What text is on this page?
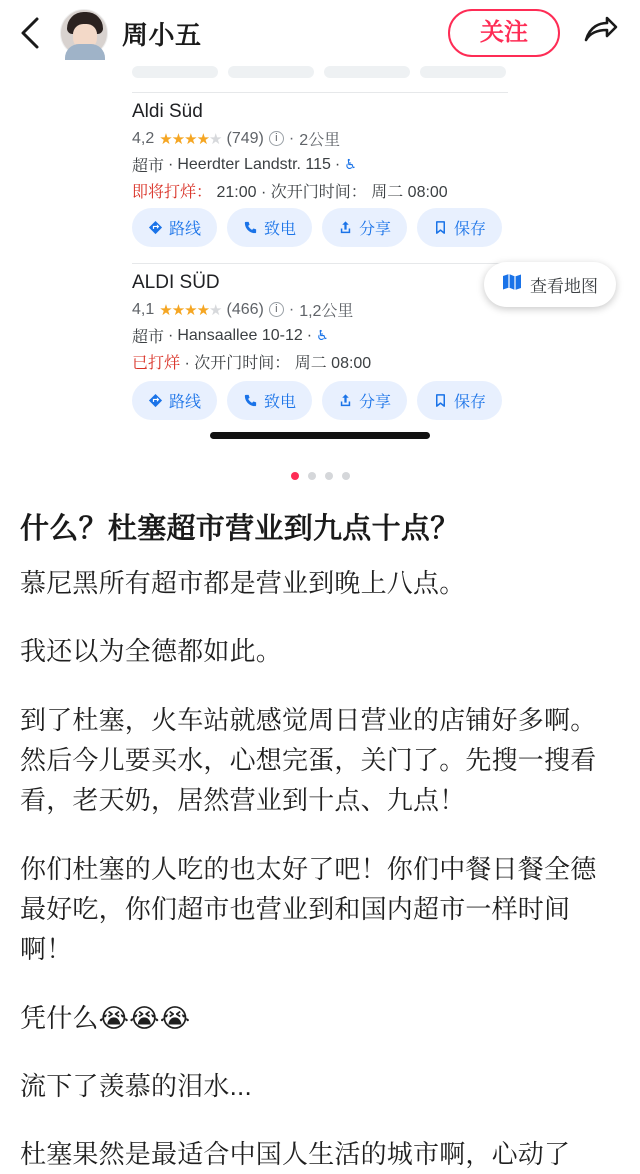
周小五	关注
Aldi Süd
4,2 ★★★★★ (749)	i · 2公里
超市 · Heerdter Landstr. 115 · ♿
即将打烊： 21:00 · 次开门时间： 周二 08:00
路线	致电	分享	保存
ALDI SÜD
4,1 ★★★★★ (466)	i · 1,2公里
超市 · Hansaallee 10-12 · ♿
已打烊 · 次开门时间： 周二 08:00
路线	致电	分享	保存
查看地图
什么？杜塞超市营业到九点十点？

慕尼黑所有超市都是营业到晚上八点。

我还以为全德都如此。

到了杜塞，火车站就感觉周日营业的店铺好多啊。然后今儿要买水，心想完蛋，关门了。先搜一搜看看，老天奶，居然营业到十点、九点！

你们杜塞的人吃的也太好了吧！你们中餐日餐全德最好吃，你们超市也营业到和国内超市一样时间啊！

凭什么😭😭😭

流下了羡慕的泪水...

杜塞果然是最适合中国人生活的城市啊，心动了
